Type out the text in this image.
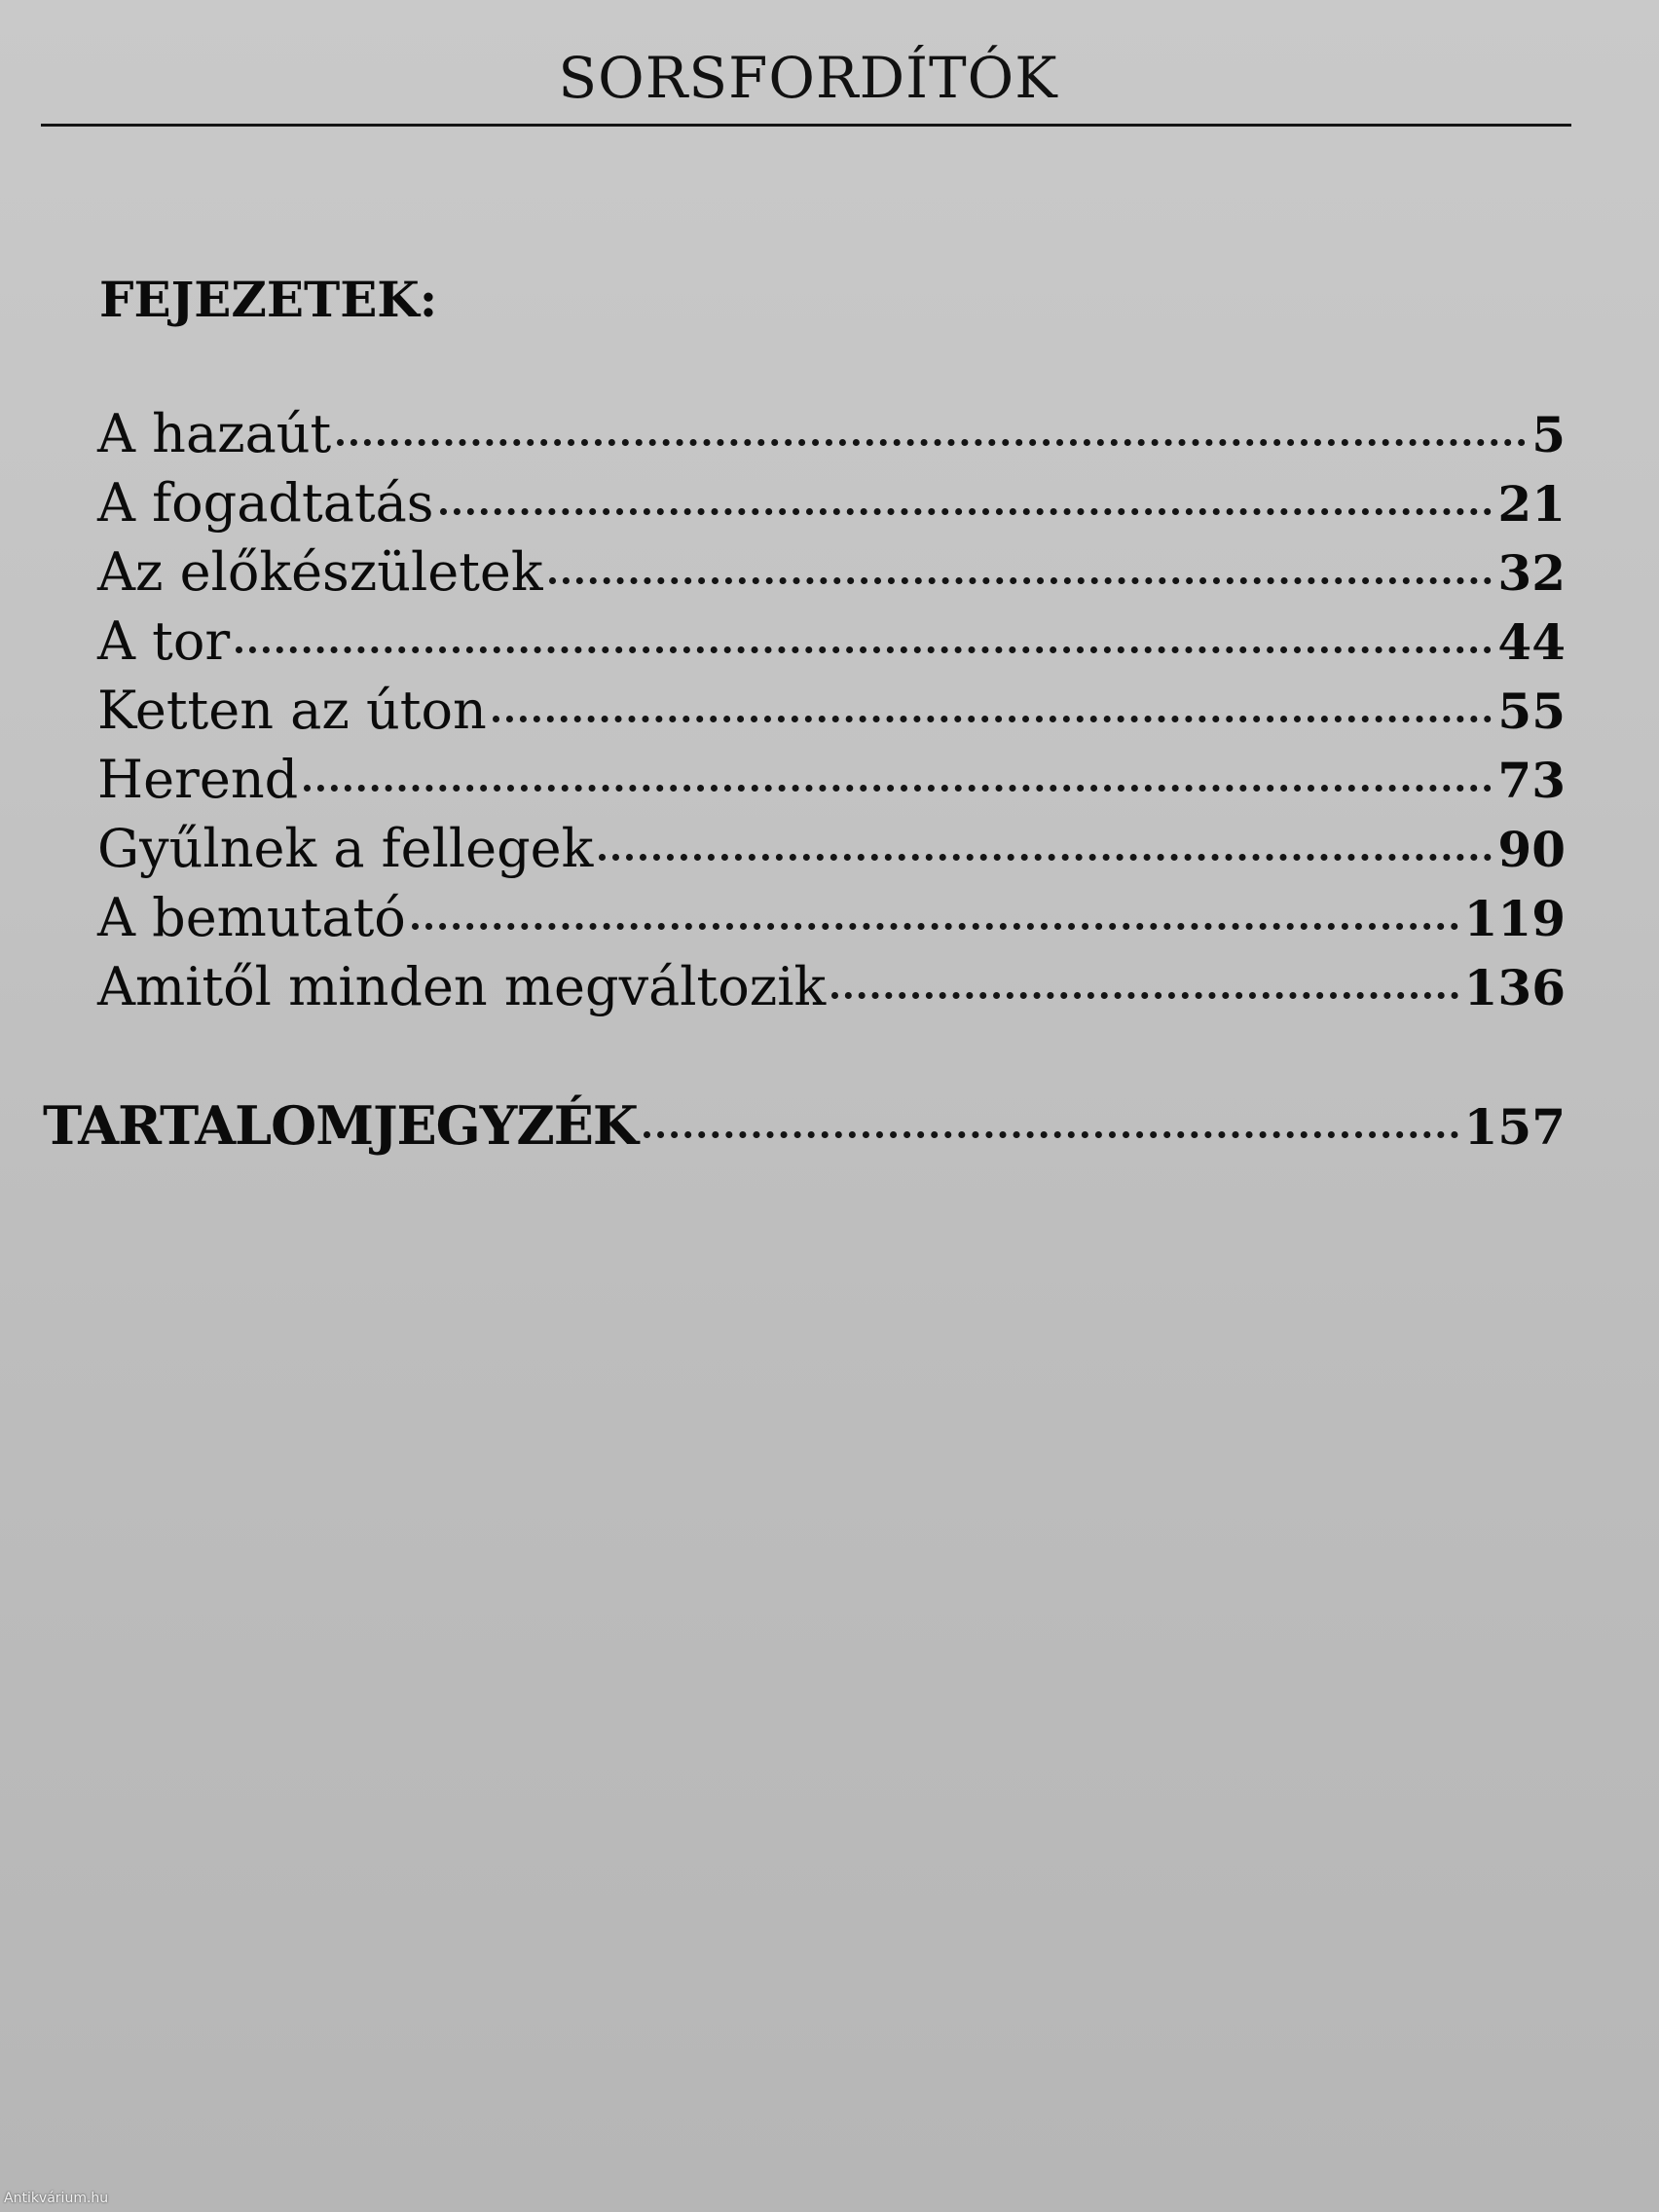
SORSFORDÍTÓK
FEJEZETEK:
A hazaút	5
A fogadtatás	21
Az előkészületek	32
A tor	44
Ketten az úton	55
Herend	73
Gyűlnek a fellegek	90
A bemutató	119
Amitől minden megváltozik	136
TARTALOMJEGYZÉK	157
Antikvárium.hu
